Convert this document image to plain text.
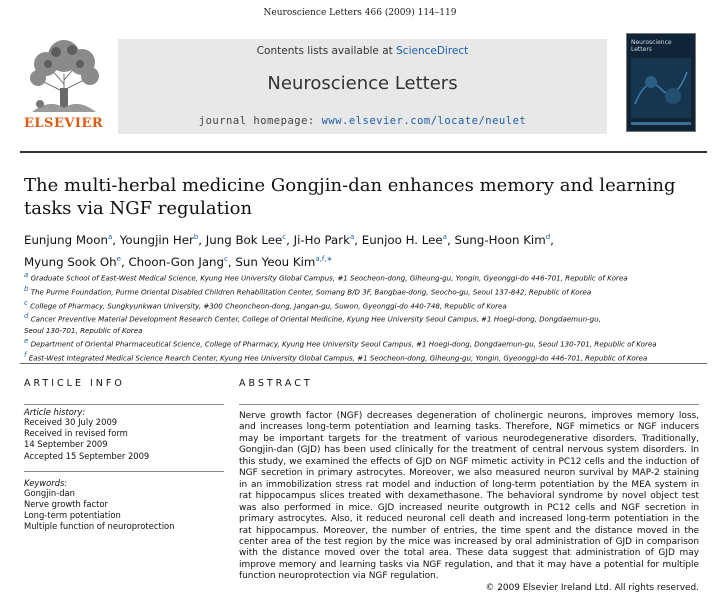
Neuroscience Letters 466 (2009) 114–119
ELSEVIER
Contents lists available at ScienceDirect
Neuroscience Letters
journal homepage: www.elsevier.com/locate/neulet
Neuroscience Letters
The multi-herbal medicine Gongjin-dan enhances memory and learning tasks via NGF regulation
Eunjung Moon$^a$, Youngjin Her$^b$, Jung Bok Lee$^c$, Ji-Ho Park$^a$, Eunjoo H. Lee$^a$, Sung-Hoon Kim$^d$,
Myung Sook Oh$^e$, Choon-Gon Jang$^c$, Sun Yeou Kim$^{a,f,∗}$
$^a$ Graduate School of East-West Medical Science, Kyung Hee University Global Campus, #1 Seocheon-dong, Giheung-gu, Yongin, Gyeonggi-do 446-701, Republic of Korea
$^b$ The Purme Foundation, Purme Oriental Disabled Children Rehabilitation Center, Somang B/D 3F, Bangbae-dong, Seocho-gu, Seoul 137-842, Republic of Korea
$^c$ College of Pharmacy, Sungkyunkwan University, #300 Cheoncheon-dong, Jangan-gu, Suwon, Gyeonggi-do 440-748, Republic of Korea
$^d$ Cancer Preventive Material Development Research Center, College of Oriental Medicine, Kyung Hee University Seoul Campus, #1 Hoegi-dong, Dongdaemun-gu,
Seoul 130-701, Republic of Korea
$^e$ Department of Oriental Pharmaceutical Science, College of Pharmacy, Kyung Hee University Seoul Campus, #1 Hoegi-dong, Dongdaemun-gu, Seoul 130-701, Republic of Korea
$^f$ East-West Integrated Medical Science Rearch Center, Kyung Hee University Global Campus, #1 Seocheon-dong, Giheung-gu, Yongin, Gyeonggi-do 446-701, Republic of Korea
ARTICLE INFO
Article history:
Received 30 July 2009
Received in revised form
14 September 2009
Accepted 15 September 2009
Keywords:
Gongjin-dan
Nerve growth factor
Long-term potentiation
Multiple function of neuroprotection
ABSTRACT
Nerve growth factor (NGF) decreases degeneration of cholinergic neurons, improves memory loss, and increases long-term potentiation and learning tasks. Therefore, NGF mimetics or NGF inducers may be important targets for the treatment of various neurodegenerative disorders. Traditionally, Gongjin-dan (GJD) has been used clinically for the treatment of central nervous system disorders. In this study, we examined the effects of GJD on NGF mimetic activity in PC12 cells and the induction of NGF secretion in primary astrocytes. Moreover, we also measured neuron survival by MAP-2 staining in an immobilization stress rat model and induction of long-term potentiation by the MEA system in rat hippocampus slices treated with dexamethasone. The behavioral syndrome by novel object test was also performed in mice. GJD increased neurite outgrowth in PC12 cells and NGF secretion in primary astrocytes. Also, it reduced neuronal cell death and increased long-term potentiation in the rat hippocampus. Moreover, the number of entries, the time spent and the distance moved in the center area of the test region by the mice was increased by oral administration of GJD in comparison with the distance moved over the total area. These data suggest that administration of GJD may improve memory and learning tasks via NGF regulation, and that it may have a potential for multiple function neuroprotection via NGF regulation.
© 2009 Elsevier Ireland Ltd. All rights reserved.
